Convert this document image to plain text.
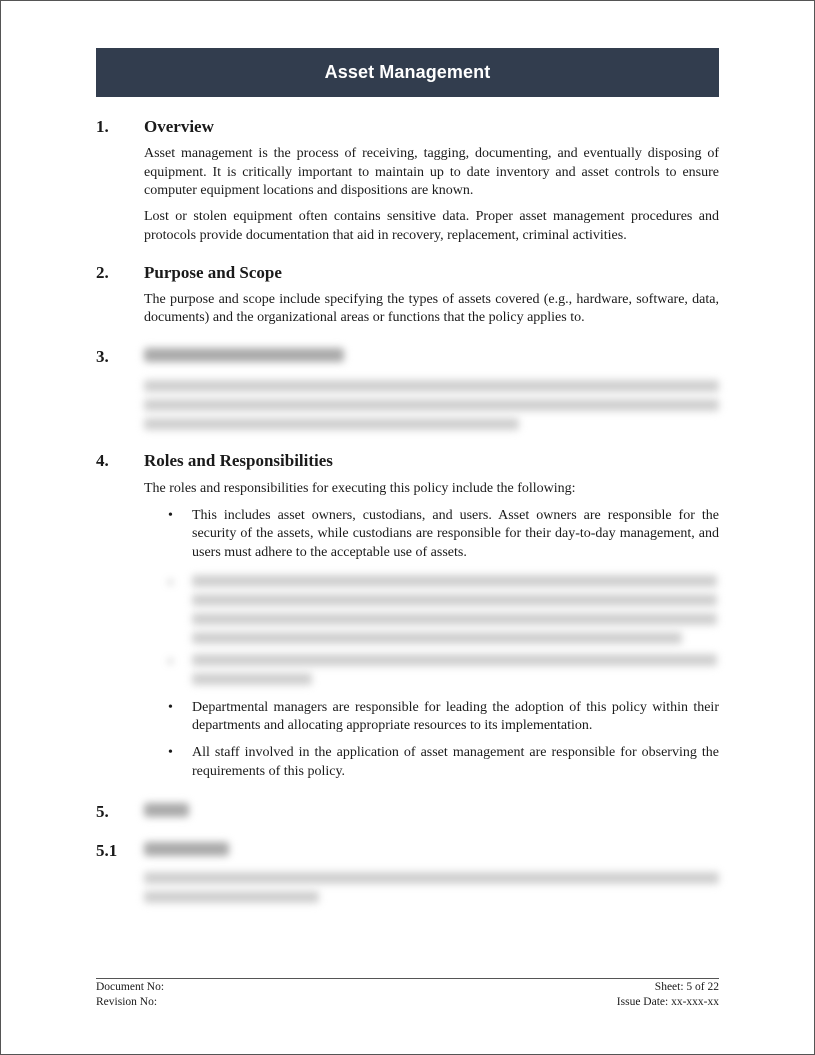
Asset Management
1.	Overview

Asset management is the process of receiving, tagging, documenting, and eventually disposing of equipment. It is critically important to maintain up to date inventory and asset controls to ensure computer equipment locations and dispositions are known.

Lost or stolen equipment often contains sensitive data. Proper asset management procedures and protocols provide documentation that aid in recovery, replacement, criminal activities.

2.	Purpose and Scope

The purpose and scope include specifying the types of assets covered (e.g., hardware, software, data, documents) and the organizational areas or functions that the policy applies to.

3.
4.	Roles and Responsibilities

The roles and responsibilities for executing this policy include the following:

•	This includes asset owners, custodians, and users. Asset owners are responsible for the security of the assets, while custodians are responsible for their day-to-day management, and users must adhere to the acceptable use of assets.
•
•
•	Departmental managers are responsible for leading the adoption of this policy within their departments and allocating appropriate resources to its implementation.
•	All staff involved in the application of asset management are responsible for observing the requirements of this policy.
5.
5.1
Document No:
Revision No:
Sheet: 5 of 22
Issue Date: xx-xxx-xx
